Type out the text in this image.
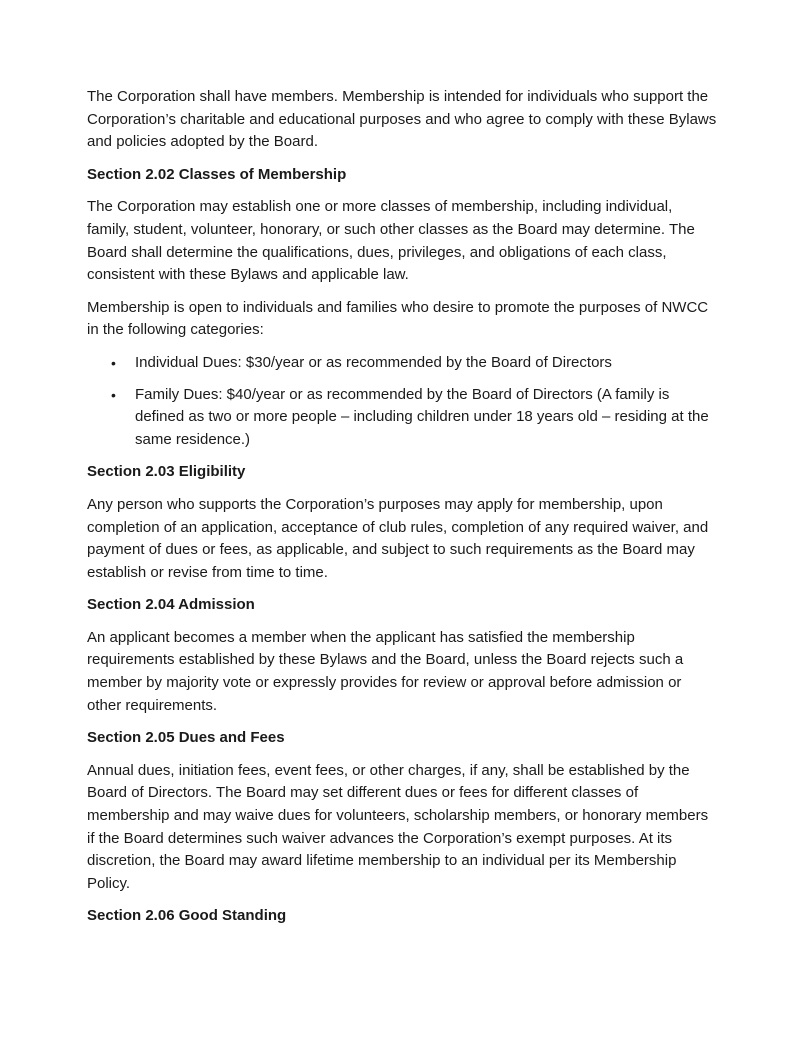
The Corporation shall have members. Membership is intended for individuals who support the Corporation’s charitable and educational purposes and who agree to comply with these Bylaws and policies adopted by the Board.

Section 2.02 Classes of Membership

The Corporation may establish one or more classes of membership, including individual, family, student, volunteer, honorary, or such other classes as the Board may determine. The Board shall determine the qualifications, dues, privileges, and obligations of each class, consistent with these Bylaws and applicable law.

Membership is open to individuals and families who desire to promote the purposes of NWCC in the following categories:

• Individual Dues: $30/year or as recommended by the Board of Directors
• Family Dues: $40/year or as recommended by the Board of Directors (A family is defined as two or more people – including children under 18 years old – residing at the same residence.)

Section 2.03 Eligibility

Any person who supports the Corporation’s purposes may apply for membership, upon completion of an application, acceptance of club rules, completion of any required waiver, and payment of dues or fees, as applicable, and subject to such requirements as the Board may establish or revise from time to time.

Section 2.04 Admission

An applicant becomes a member when the applicant has satisfied the membership requirements established by these Bylaws and the Board, unless the Board rejects such a member by majority vote or expressly provides for review or approval before admission or other requirements.

Section 2.05 Dues and Fees

Annual dues, initiation fees, event fees, or other charges, if any, shall be established by the Board of Directors. The Board may set different dues or fees for different classes of membership and may waive dues for volunteers, scholarship members, or honorary members if the Board determines such waiver advances the Corporation’s exempt purposes. At its discretion, the Board may award lifetime membership to an individual per its Membership Policy.

Section 2.06 Good Standing
